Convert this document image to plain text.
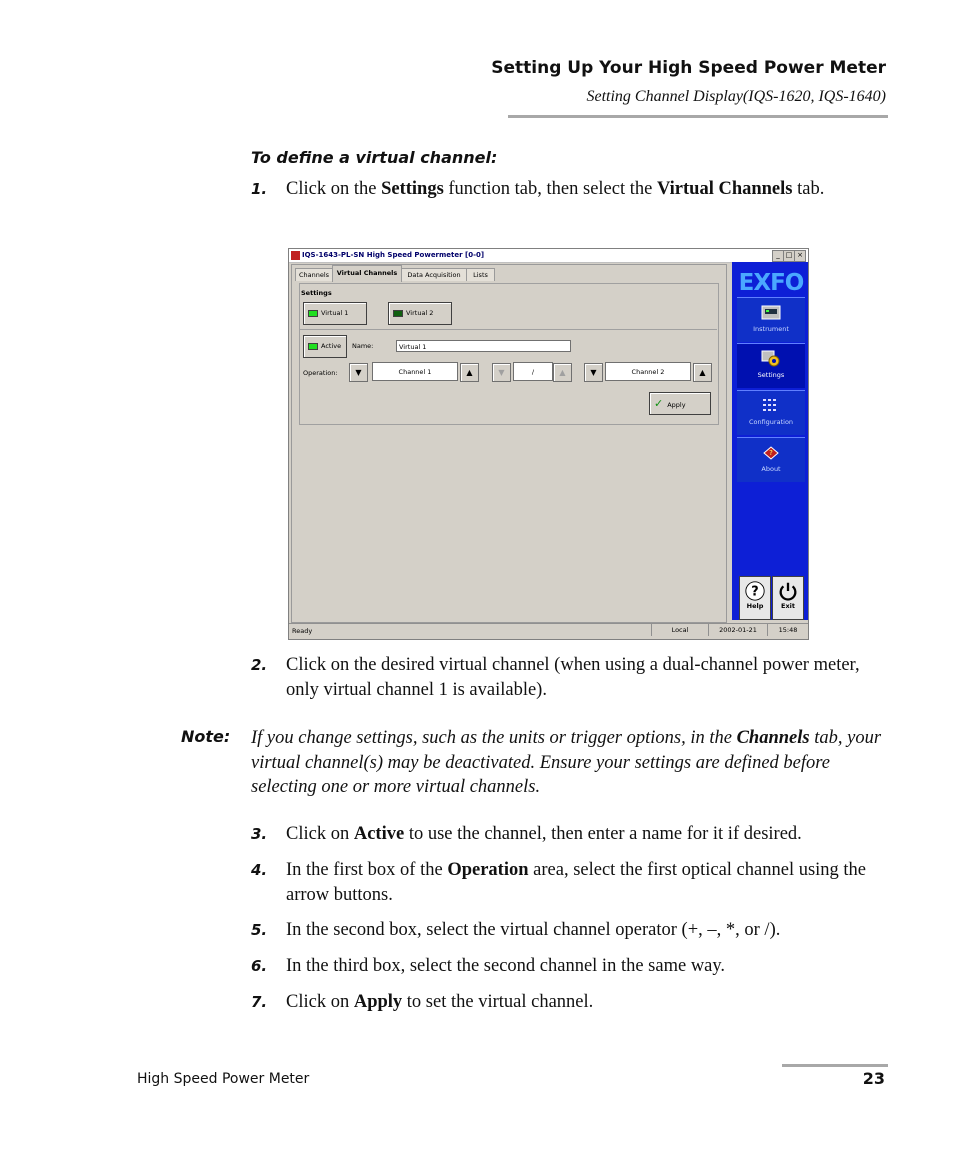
Setting Up Your High Speed Power Meter
Setting Channel Display(IQS-1620, IQS-1640)
To define a virtual channel:
1. Click on the Settings function tab, then select the Virtual Channels tab.
IQS-1643-PL-SN High Speed Powermeter [0-0]	_ □ ×
Channels	Virtual Channels	Data Acquisition	Lists
Settings
Virtual 1	Virtual 2
Active	Name:	Virtual 1
Operation:	▼	Channel 1	▲	▼	/	▲	▼	Channel 2	▲
✓ Apply
EXFO
Instrument
Settings
Configuration
?
About
?
Help	Exit
Ready	Local	2002-01-21	15:48
2. Click on the desired virtual channel (when using a dual-channel power meter, only virtual channel 1 is available).
Note: If you change settings, such as the units or trigger options, in the Channels tab, your virtual channel(s) may be deactivated. Ensure your settings are defined before selecting one or more virtual channels.
3. Click on Active to use the channel, then enter a name for it if desired.
4. In the first box of the Operation area, select the first optical channel using the arrow buttons.
5. In the second box, select the virtual channel operator (+, –, *, or /).
6. In the third box, select the second channel in the same way.
7. Click on Apply to set the virtual channel.
High Speed Power Meter	23
